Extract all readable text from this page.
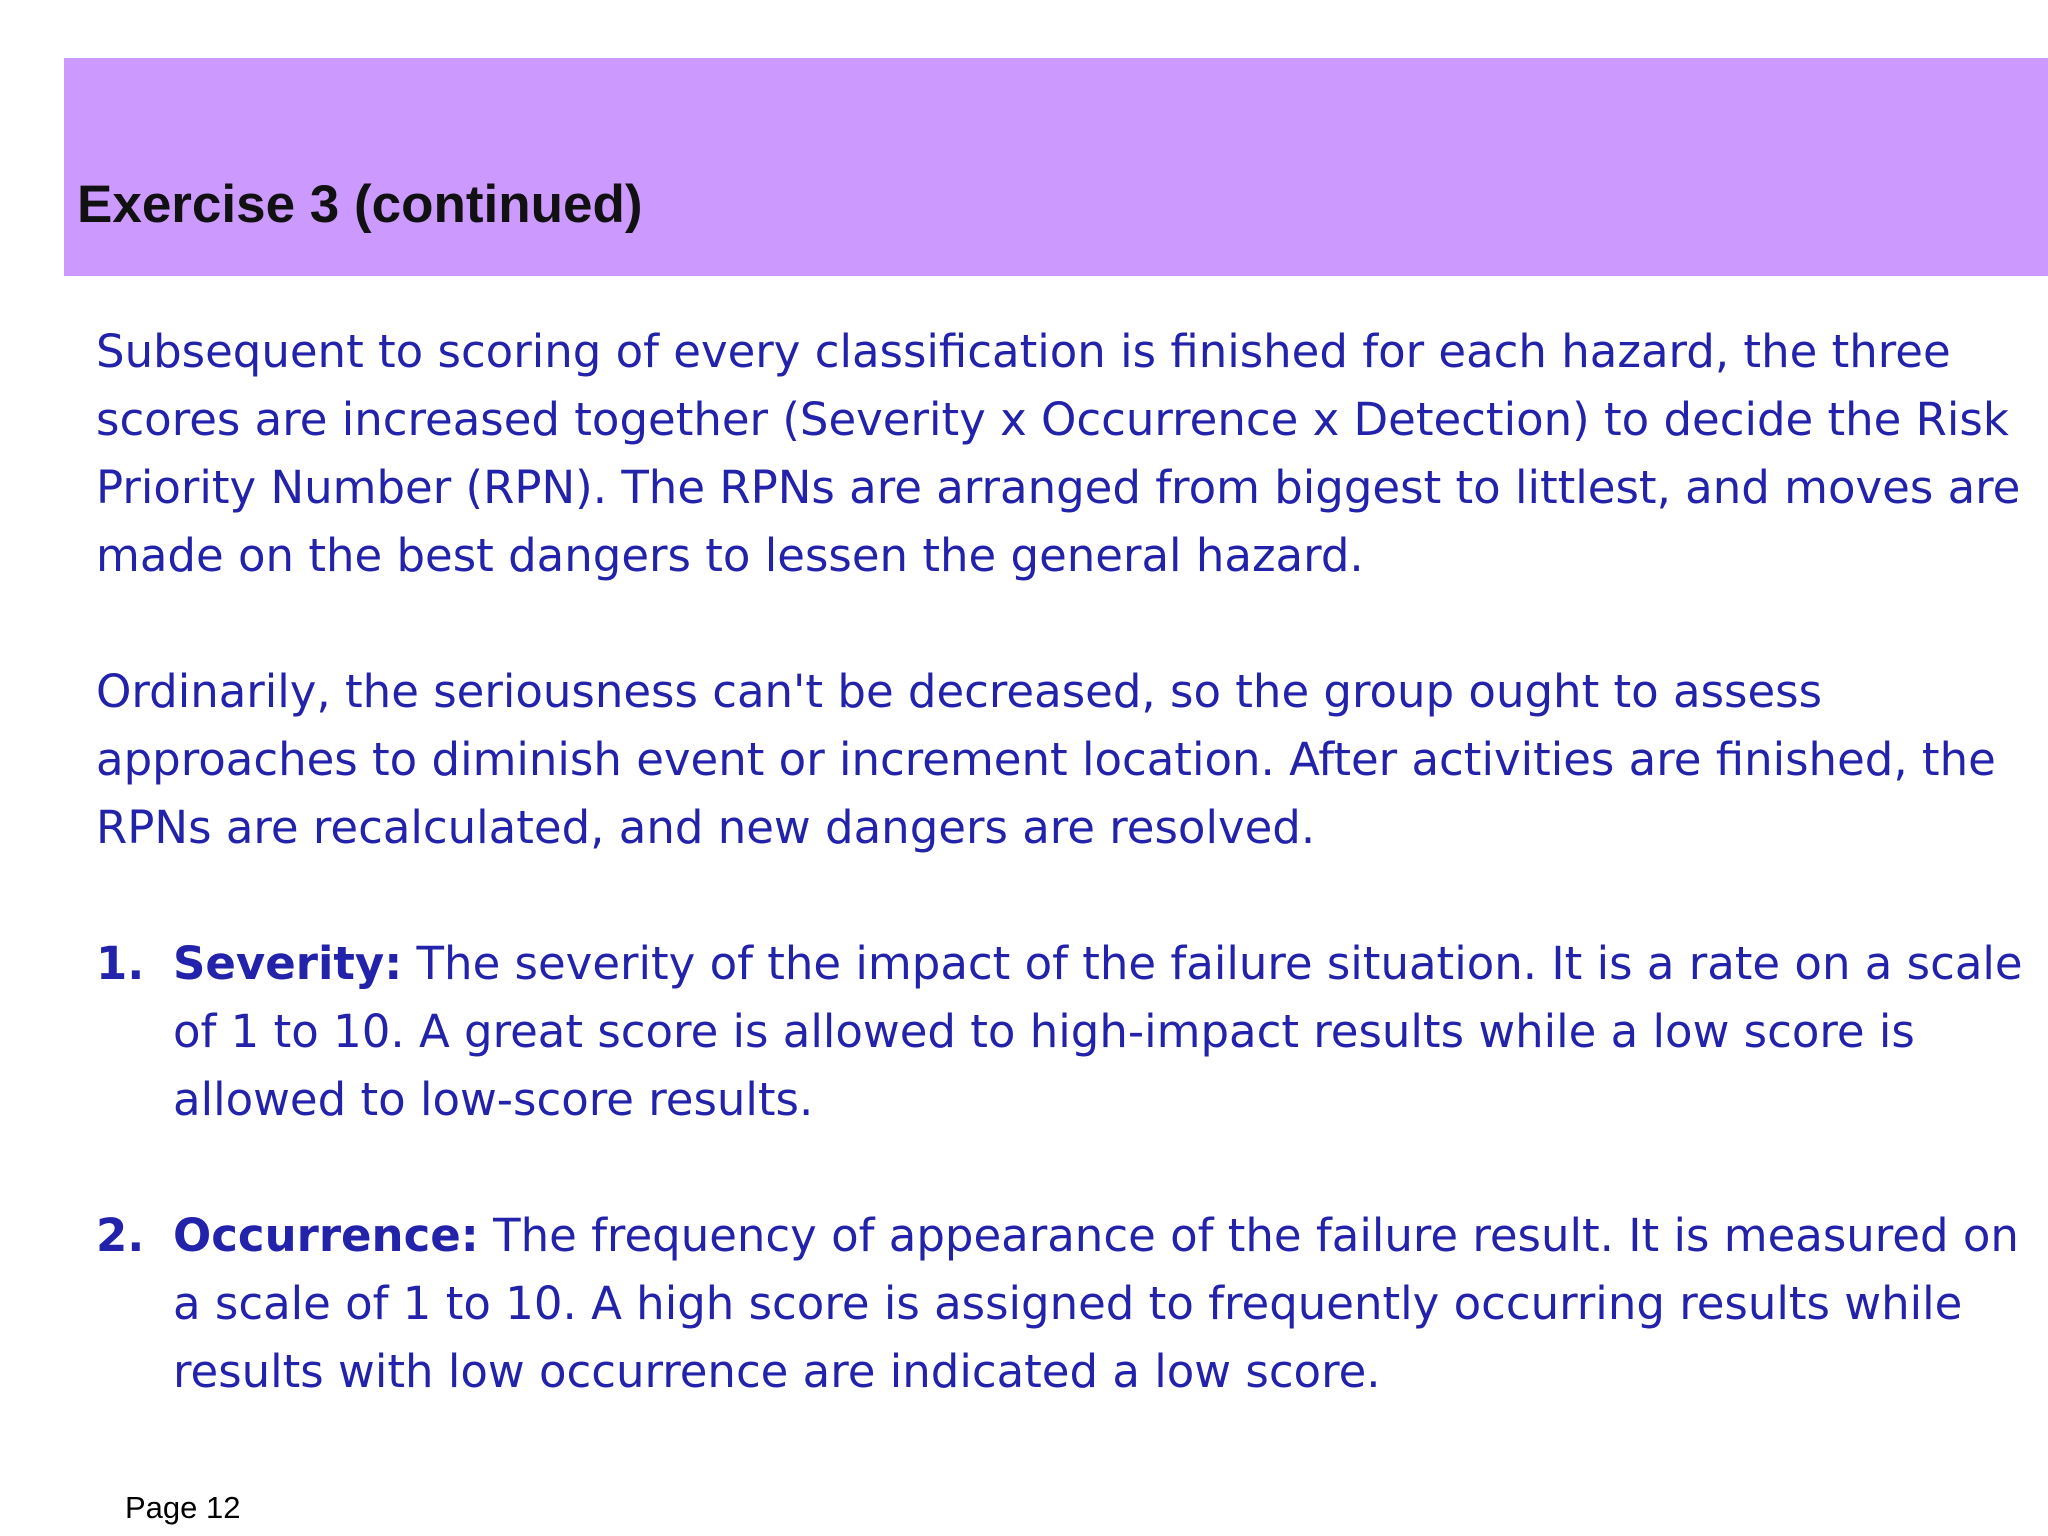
Exercise 3 (continued)

Subsequent to scoring of every classification is finished for each hazard, the three scores are increased together (Severity x Occurrence x Detection) to decide the Risk Priority Number (RPN). The RPNs are arranged from biggest to littlest, and moves are made on the best dangers to lessen the general hazard.

Ordinarily, the seriousness can't be decreased, so the group ought to assess approaches to diminish event or increment location. After activities are finished, the RPNs are recalculated, and new dangers are resolved.

1. Severity: The severity of the impact of the failure situation. It is a rate on a scale of 1 to 10. A great score is allowed to high-impact results while a low score is allowed to low-score results.
2. Occurrence: The frequency of appearance of the failure result. It is measured on a scale of 1 to 10. A high score is assigned to frequently occurring results while results with low occurrence are indicated a low score.

Page 12
